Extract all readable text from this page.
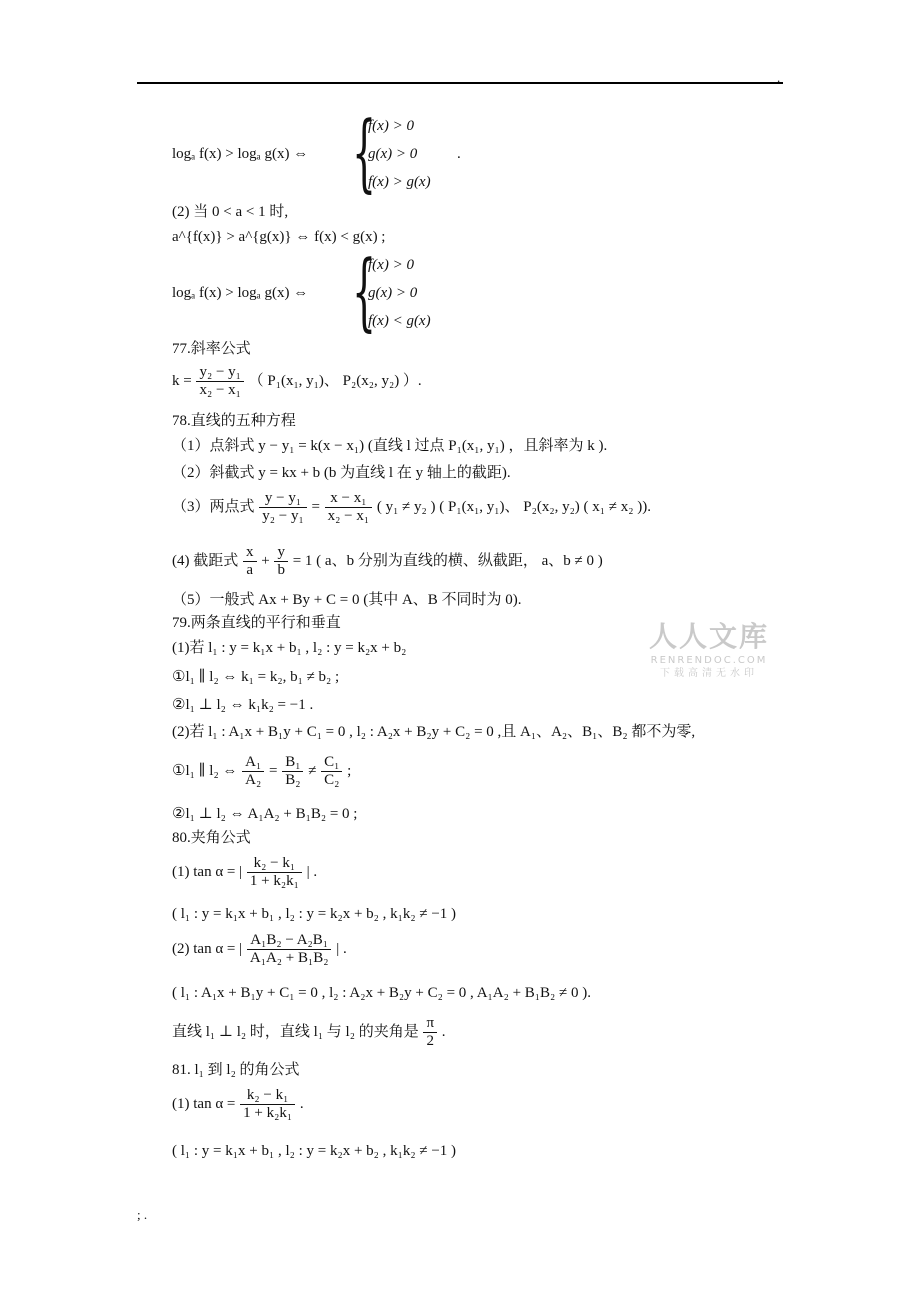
.
人人文库
RENRENDOC.COM
下载高清无水印
logₐ f(x) > logₐ g(x) ⇔ {
f(x) > 0
g(x) > 0
f(x) > g(x)
.
(2) 当 0 < a < 1 时,
a^{f(x)} > a^{g(x)} ⇔ f(x) < g(x) ;
logₐ f(x) > logₐ g(x) ⇔ {
f(x) > 0
g(x) > 0
f(x) < g(x)
77.斜率公式
$k = \frac{\text{y₂ − y₁}}{\text{x₂ − x₁}}$ （ P₁(x₁, y₁)、 P₂(x₂, y₂) ）.
78.直线的五种方程
（1）点斜式 y − y₁ = k(x − x₁) (直线 l 过点 P₁(x₁, y₁) ，且斜率为 k ).
（2）斜截式 y = kx + b (b 为直线 l 在 y 轴上的截距).
（3）两点式 $\frac{\text{y − y₁}}{\text{y₂ − y₁}} = \frac{\text{x − x₁}}{\text{x₂ − x₁}}$ ( y₁ ≠ y₂ ) ( P₁(x₁, y₁)、 P₂(x₂, y₂) ( x₁ ≠ x₂ )).
(4) 截距式 $\frac{x}{a} + \frac{y}{b} = 1$ ( a、b 分别为直线的横、纵截距， a、b ≠ 0 )
（5）一般式 Ax + By + C = 0 (其中 A、B 不同时为 0).
79.两条直线的平行和垂直
(1)若 l₁ : y = k₁x + b₁ , l₂ : y = k₂x + b₂
①l₁ ∥ l₂ ⇔ k₁ = k₂, b₁ ≠ b₂ ;
②l₁ ⊥ l₂ ⇔ k₁k₂ = −1 .
(2)若 l₁ : A₁x + B₁y + C₁ = 0 , l₂ : A₂x + B₂y + C₂ = 0 ,且 A₁、A₂、B₁、B₂ 都不为零,
①l₁ ∥ l₂ ⇔ $\frac{\text{A₁}}{\text{A₂}} = \frac{\text{B₁}}{\text{B₂}} \ne \frac{\text{C₁}}{\text{C₂}}$ ;
②l₁ ⊥ l₂ ⇔ A₁A₂ + B₁B₂ = 0 ;
80.夹角公式
(1) tan α = | $\frac{\text{k₂ − k₁}}{\text{1 + k₂k₁}}$ | .
( l₁ : y = k₁x + b₁ , l₂ : y = k₂x + b₂ , k₁k₂ ≠ −1 )
(2) tan α = | $\frac{\text{A₁B₂ − A₂B₁}}{\text{A₁A₂ + B₁B₂}}$ | .
( l₁ : A₁x + B₁y + C₁ = 0 , l₂ : A₂x + B₂y + C₂ = 0 , A₁A₂ + B₁B₂ ≠ 0 ).
直线 l₁ ⊥ l₂ 时，直线 l₁ 与 l₂ 的夹角是 $\frac{\pi}{2}$ .
81. l₁ 到 l₂ 的角公式
(1) $\tan \alpha = \frac{\text{k₂ − k₁}}{\text{1 + k₂k₁}}$ .
( l₁ : y = k₁x + b₁ , l₂ : y = k₂x + b₂ , k₁k₂ ≠ −1 )
; .
